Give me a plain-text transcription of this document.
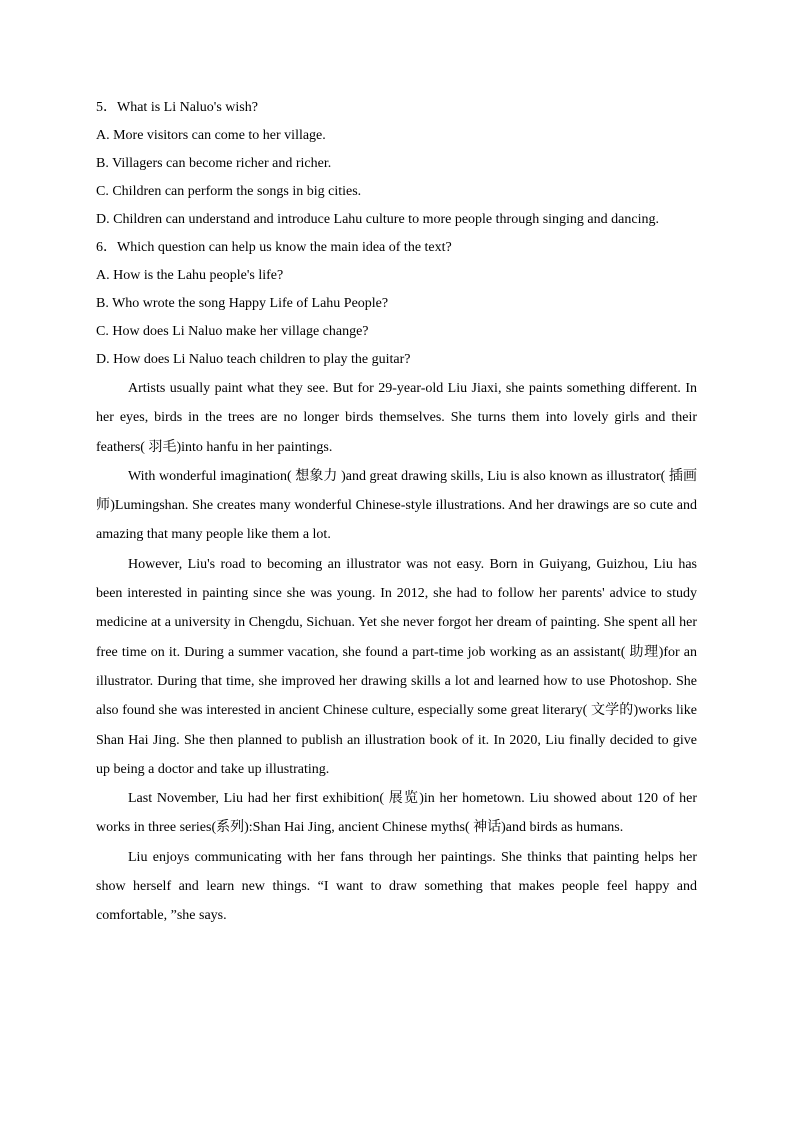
5．What is Li Naluo's wish?
A. More visitors can come to her village.
B. Villagers can become richer and richer.
C. Children can perform the songs in big cities.

D. Children can understand and introduce Lahu culture to more people through singing and dancing.

6．Which question can help us know the main idea of the text?
A. How is the Lahu people's life?
B. Who wrote the song Happy Life of Lahu People?
C. How does Li Naluo make her village change?
D. How does Li Naluo teach children to play the guitar?

Artists usually paint what they see. But for 29-year-old Liu Jiaxi, she paints something different. In her eyes, birds in the trees are no longer birds themselves. She turns them into lovely girls and their feathers( 羽毛)into hanfu in her paintings.

With wonderful imagination( 想象力 )and great drawing skills, Liu is also known as illustrator( 插画师)Lumingshan. She creates many wonderful Chinese-style illustrations. And her drawings are so cute and amazing that many people like them a lot.

However, Liu's road to becoming an illustrator was not easy. Born in Guiyang, Guizhou, Liu has been interested in painting since she was young. In 2012, she had to follow her parents' advice to study medicine at a university in Chengdu, Sichuan. Yet she never forgot her dream of painting. She spent all her free time on it. During a summer vacation, she found a part-time job working as an assistant( 助理)for an illustrator. During that time, she improved her drawing skills a lot and learned how to use Photoshop. She also found she was interested in ancient Chinese culture, especially some great literary( 文学的)works like Shan Hai Jing. She then planned to publish an illustration book of it. In 2020, Liu finally decided to give up being a doctor and take up illustrating.

Last November, Liu had her first exhibition( 展览)in her hometown. Liu showed about 120 of her works in three series(系列):Shan Hai Jing, ancient Chinese myths( 神话)and birds as humans.

Liu enjoys communicating with her fans through her paintings. She thinks that painting helps her show herself and learn new things. “I want to draw something that makes people feel happy and comfortable, ”she says.
